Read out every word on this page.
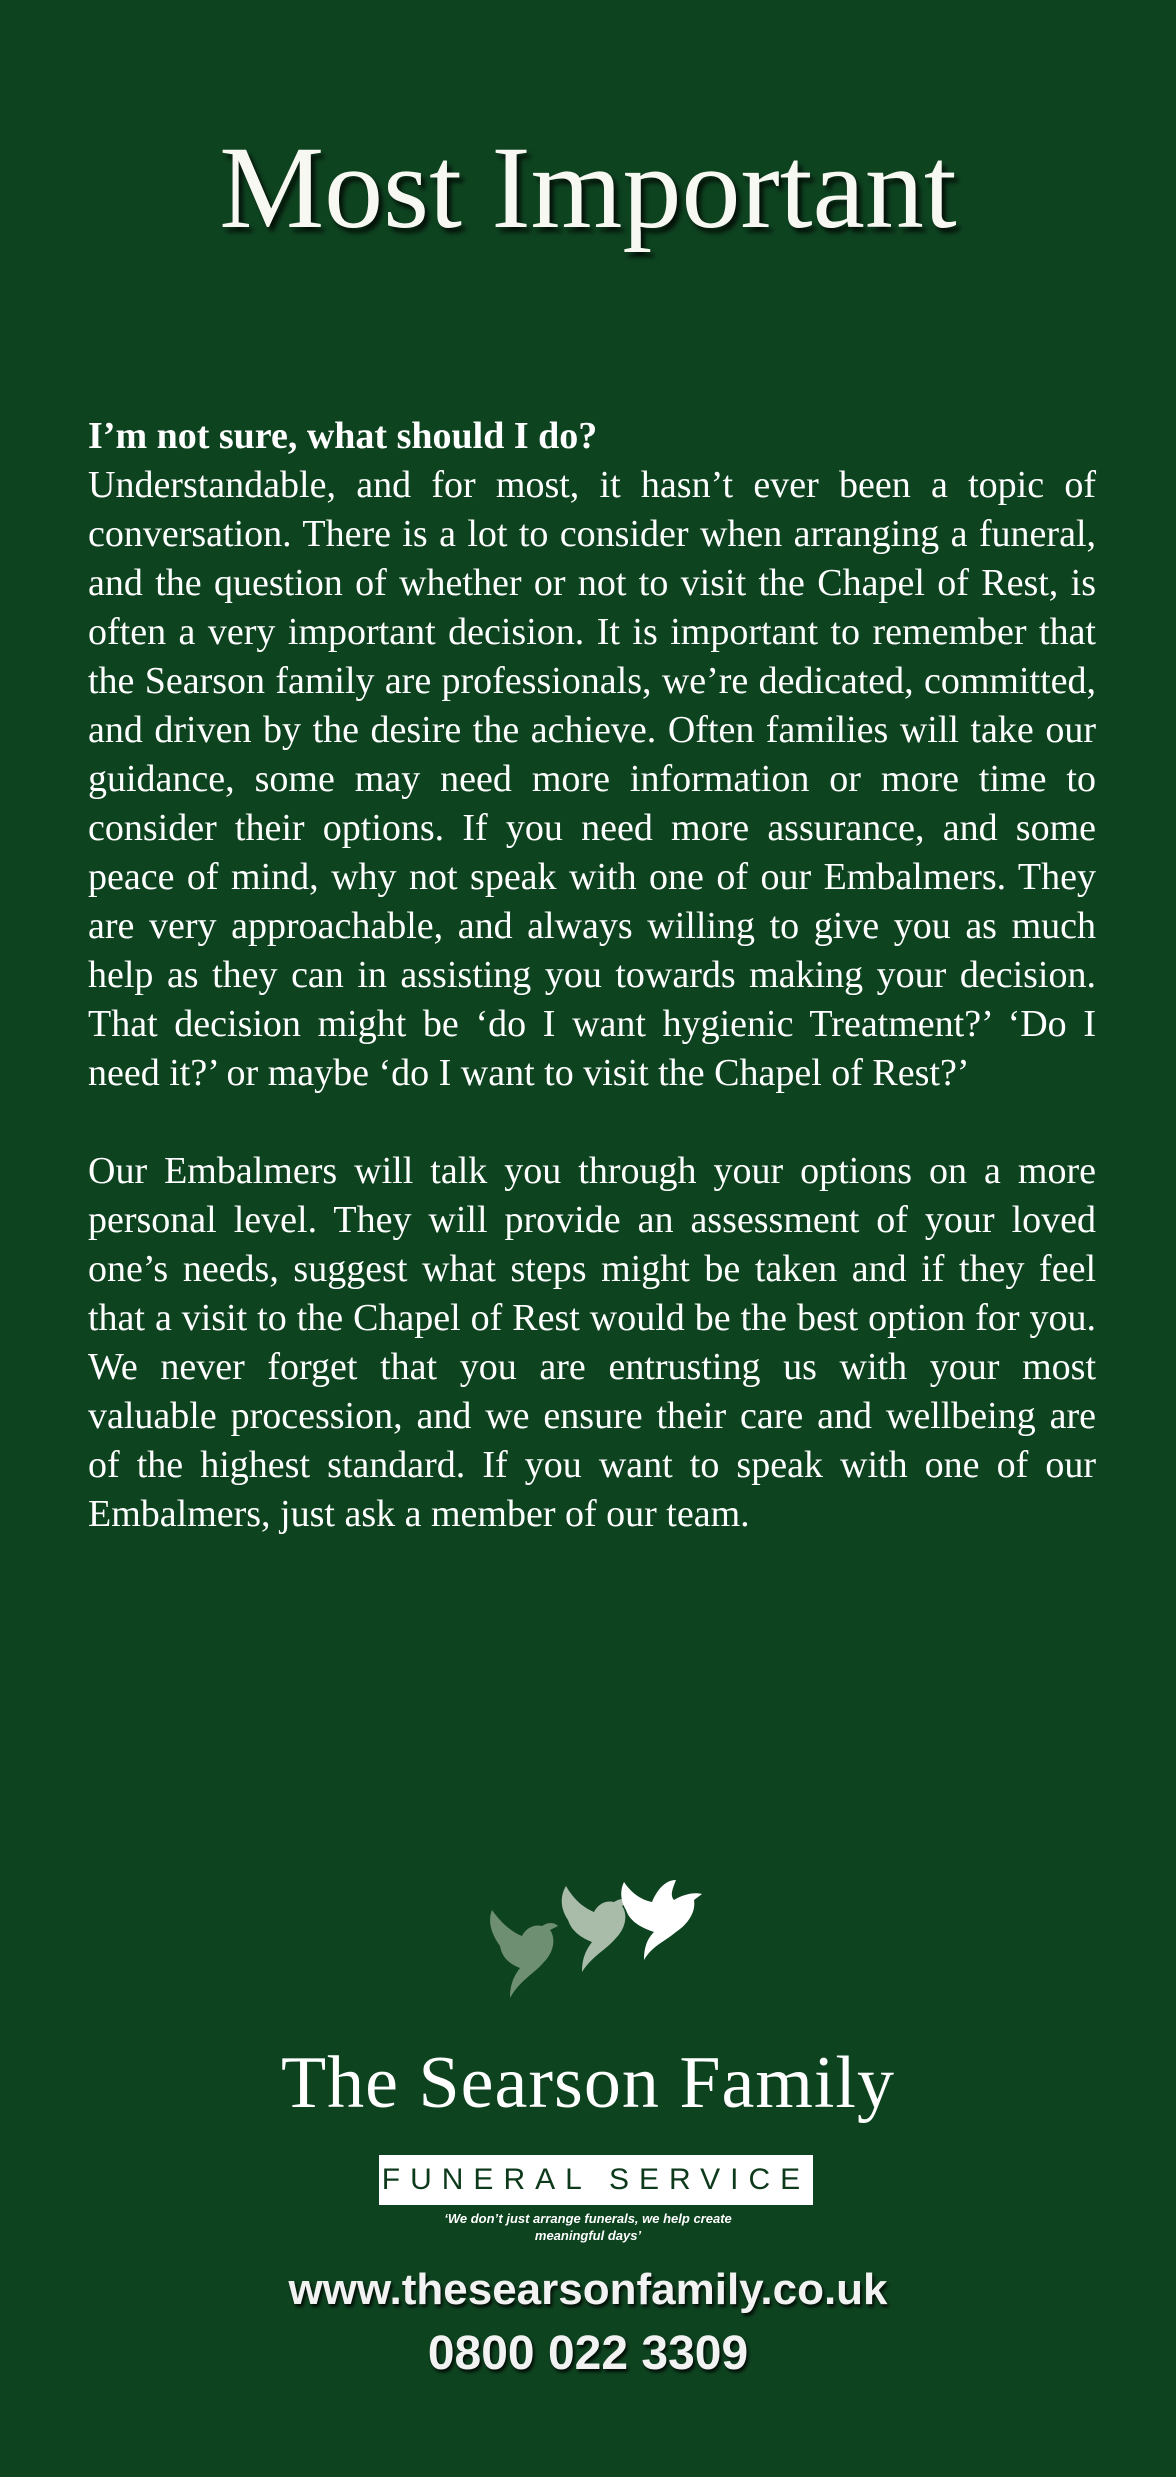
Most Important
I’m not sure, what should I do?

Understandable, and for most, it hasn’t ever been a topic of conversation. There is a lot to consider when arranging a funeral, and the question of whether or not to visit the Chapel of Rest, is often a very important decision. It is important to remember that the Searson family are professionals, we’re dedicated, committed, and driven by the desire the achieve. Often families will take our guidance, some may need more information or more time to consider their options. If you need more assurance, and some peace of mind, why not speak with one of our Embalmers. They are very approachable, and always willing to give you as much help as they can in assisting you towards making your decision. That decision might be ‘do I want hygienic Treatment?’ ‘Do I need it?’ or maybe ‘do I want to visit the Chapel of Rest?’

Our Embalmers will talk you through your options on a more personal level. They will provide an assessment of your loved one’s needs, suggest what steps might be taken and if they feel that a visit to the Chapel of Rest would be the best option for you. We never forget that you are entrusting us with your most valuable procession, and we ensure their care and wellbeing are of the highest standard. If you want to speak with one of our Embalmers, just ask a member of our team.

The Searson Family
FUNERAL SERVICE
‘We don’t just arrange funerals, we help create
meaningful days’
www.thesearsonfamily.co.uk
0800 022 3309
